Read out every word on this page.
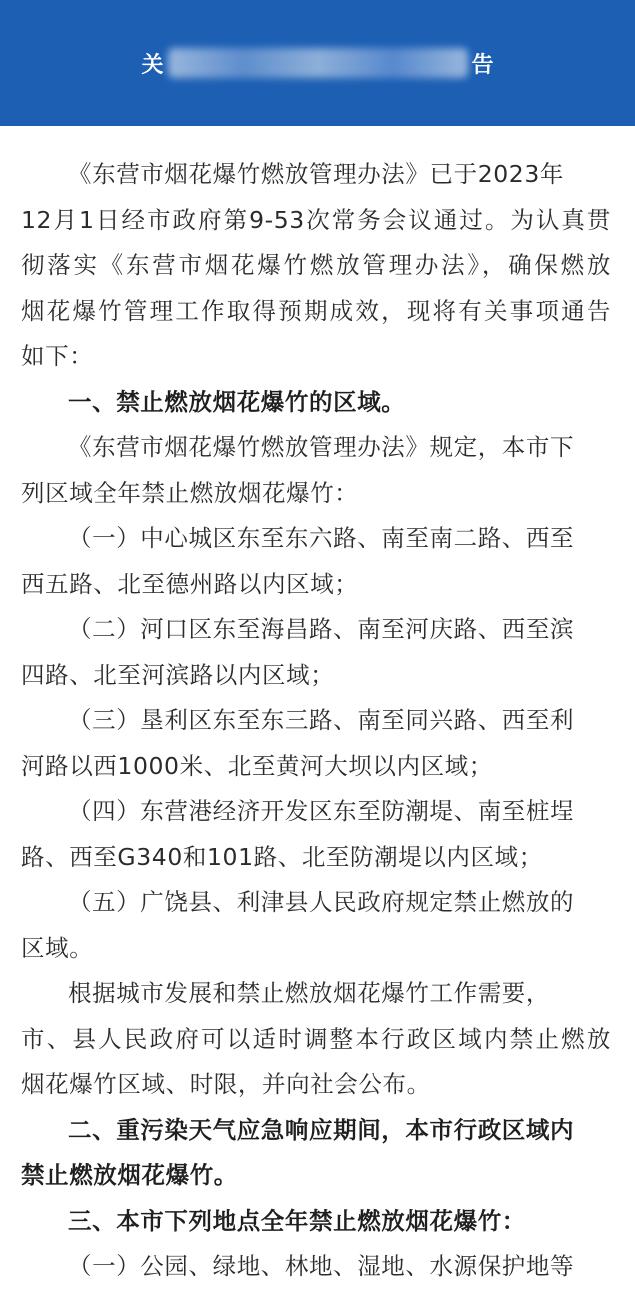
关	告
《东营市烟花爆竹燃放管理办法》已于2023年
12月1日经市政府第9-53次常务会议通过。为认真贯
彻落实《东营市烟花爆竹燃放管理办法》，确保燃放
烟花爆竹管理工作取得预期成效，现将有关事项通告
如下：
一、禁止燃放烟花爆竹的区域。
《东营市烟花爆竹燃放管理办法》规定，本市下
列区域全年禁止燃放烟花爆竹：
（一）中心城区东至东六路、南至南二路、西至
西五路、北至德州路以内区域；
（二）河口区东至海昌路、南至河庆路、西至滨
四路、北至河滨路以内区域；
（三）垦利区东至东三路、南至同兴路、西至利
河路以西1000米、北至黄河大坝以内区域；
（四）东营港经济开发区东至防潮堤、南至桩埕
路、西至G340和101路、北至防潮堤以内区域；
（五）广饶县、利津县人民政府规定禁止燃放的
区域。
根据城市发展和禁止燃放烟花爆竹工作需要，
市、县人民政府可以适时调整本行政区域内禁止燃放
烟花爆竹区域、时限，并向社会公布。
二、重污染天气应急响应期间，本市行政区域内
禁止燃放烟花爆竹。
三、本市下列地点全年禁止燃放烟花爆竹：
（一）公园、绿地、林地、湿地、水源保护地等
